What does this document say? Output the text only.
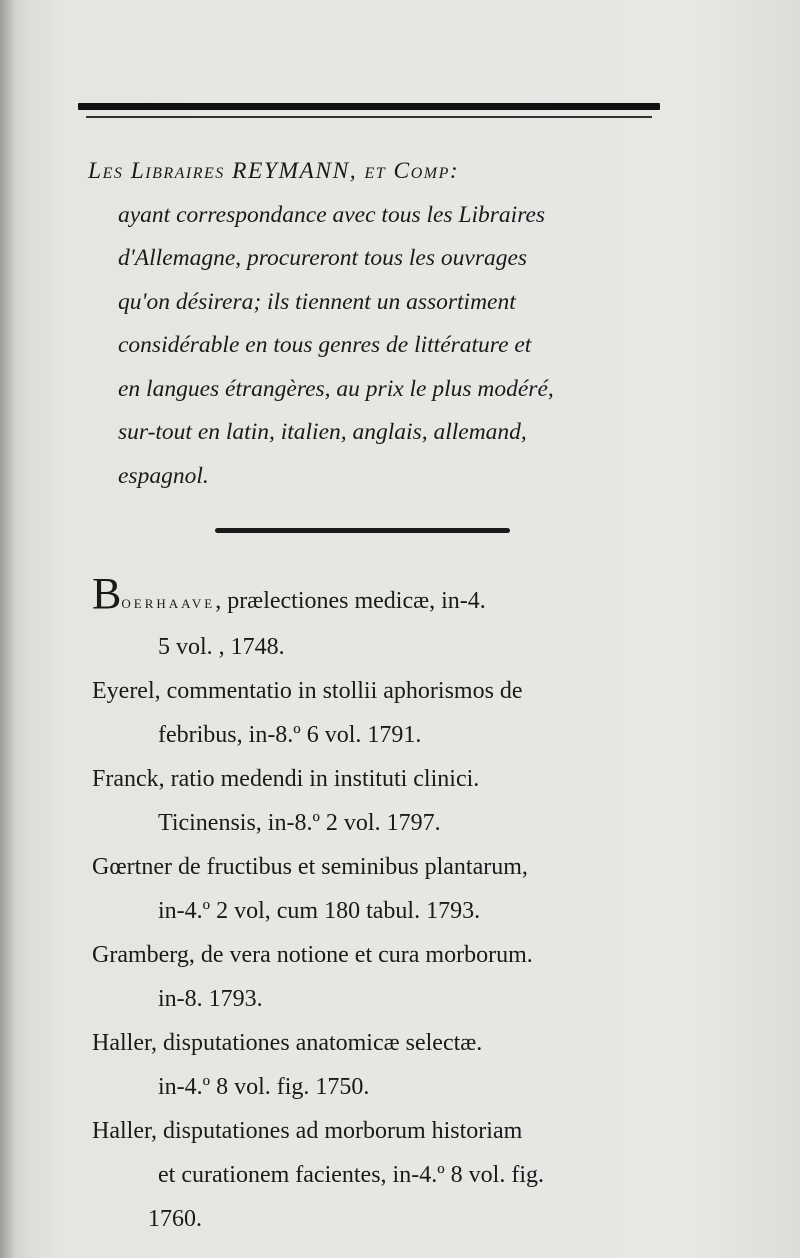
Les Libraires REYMANN, et Comp:
ayant correspondance avec tous les Libraires
d'Allemagne, procureront tous les ouvrages
qu'on désirera; ils tiennent un assortiment
considérable en tous genres de littérature et
en langues étrangères, au prix le plus modéré,
sur-tout en latin, italien, anglais, allemand,
espagnol.
Boerhaave, prælectiones medicæ, in-4.
5 vol. , 1748.
Eyerel, commentatio in stollii aphorismos de
febribus, in-8.º 6 vol. 1791.
Franck, ratio medendi in instituti clinici.
Ticinensis, in-8.º 2 vol. 1797.
Gœrtner de fructibus et seminibus plantarum,
in-4.º 2 vol, cum 180 tabul. 1793.
Gramberg, de vera notione et cura morborum.
in-8. 1793.
Haller, disputationes anatomicæ selectæ.
in-4.º 8 vol. fig. 1750.
Haller, disputationes ad morborum historiam
et curationem facientes, in-4.º 8 vol. fig.
1760.
